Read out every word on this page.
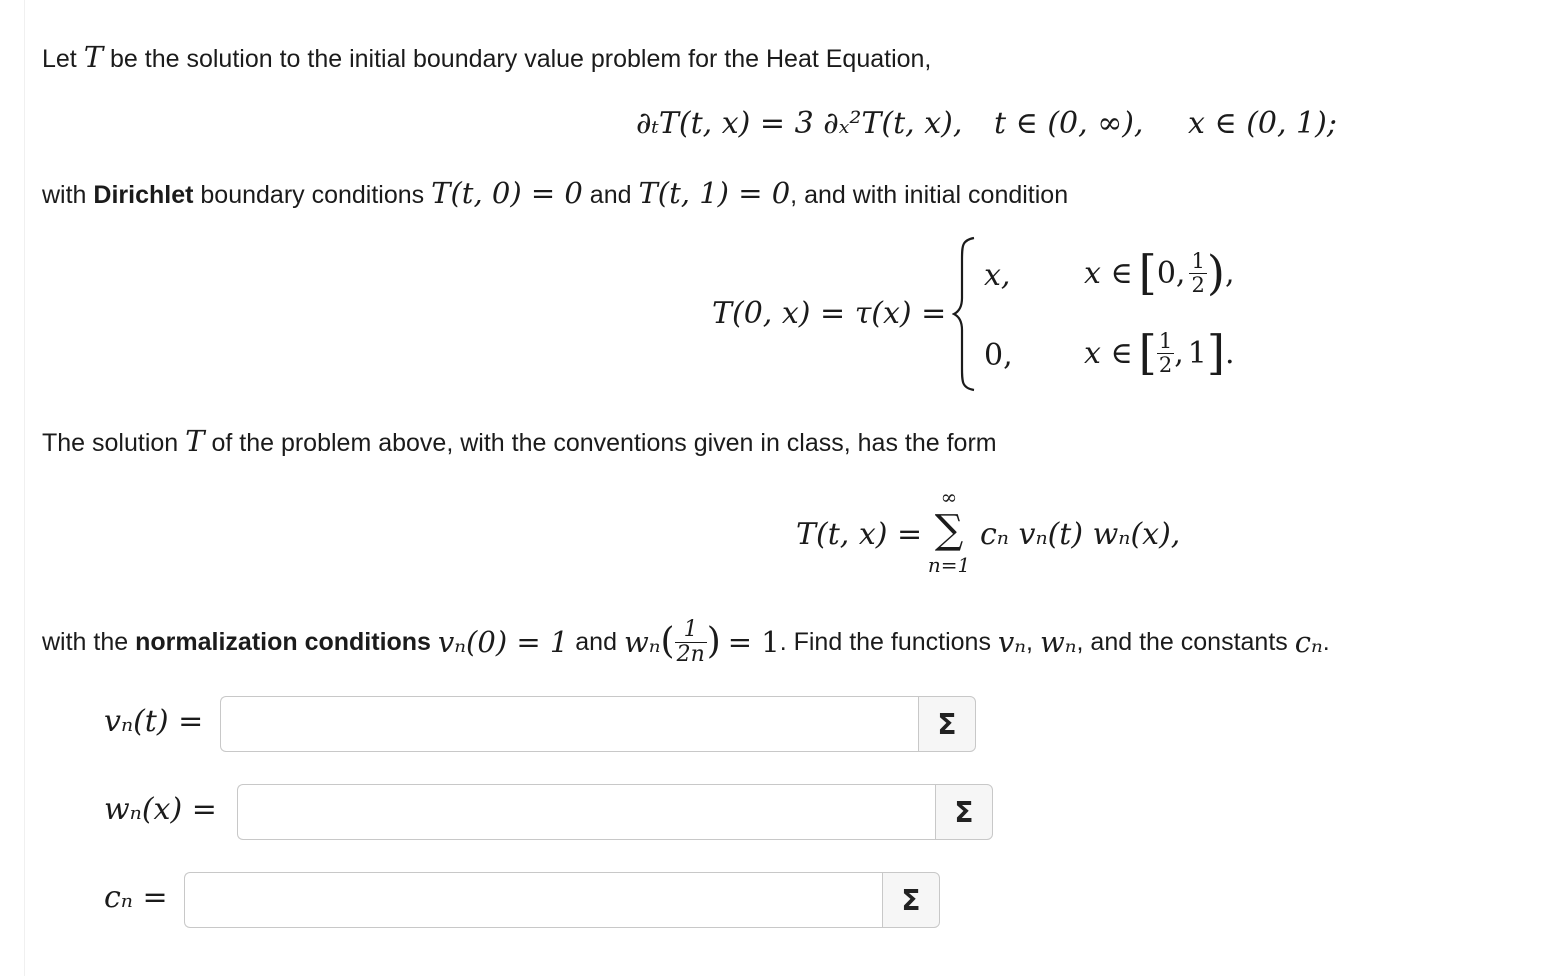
Let T be the solution to the initial boundary value problem for the Heat Equation,
∂ₜT(t, x) = 3 ∂ₓ²T(t, x), t ∈ (0, ∞), x ∈ (0, 1);
with Dirichlet boundary conditions T(t, 0) = 0 and T(t, 1) = 0, and with initial condition
T(0, x) = τ(x) =
x, x ∈ [ 0, $\frac{1}{2}$ ) ,
0, x ∈ [ $\frac{1}{2}$ , 1 ] .
The solution T of the problem above, with the conventions given in class, has the form
T(t, x) =
∞
∑
n=1
cₙ vₙ(t) wₙ(x),
with the
normalization conditions
vₙ(0) = 1
and
wₙ ( $\frac{1}{2n}$ )
= 1 . Find the functions
vₙ , wₙ , and the constants
cₙ .
vₙ(t) =	Σ
wₙ(x) =	Σ
cₙ =	Σ
